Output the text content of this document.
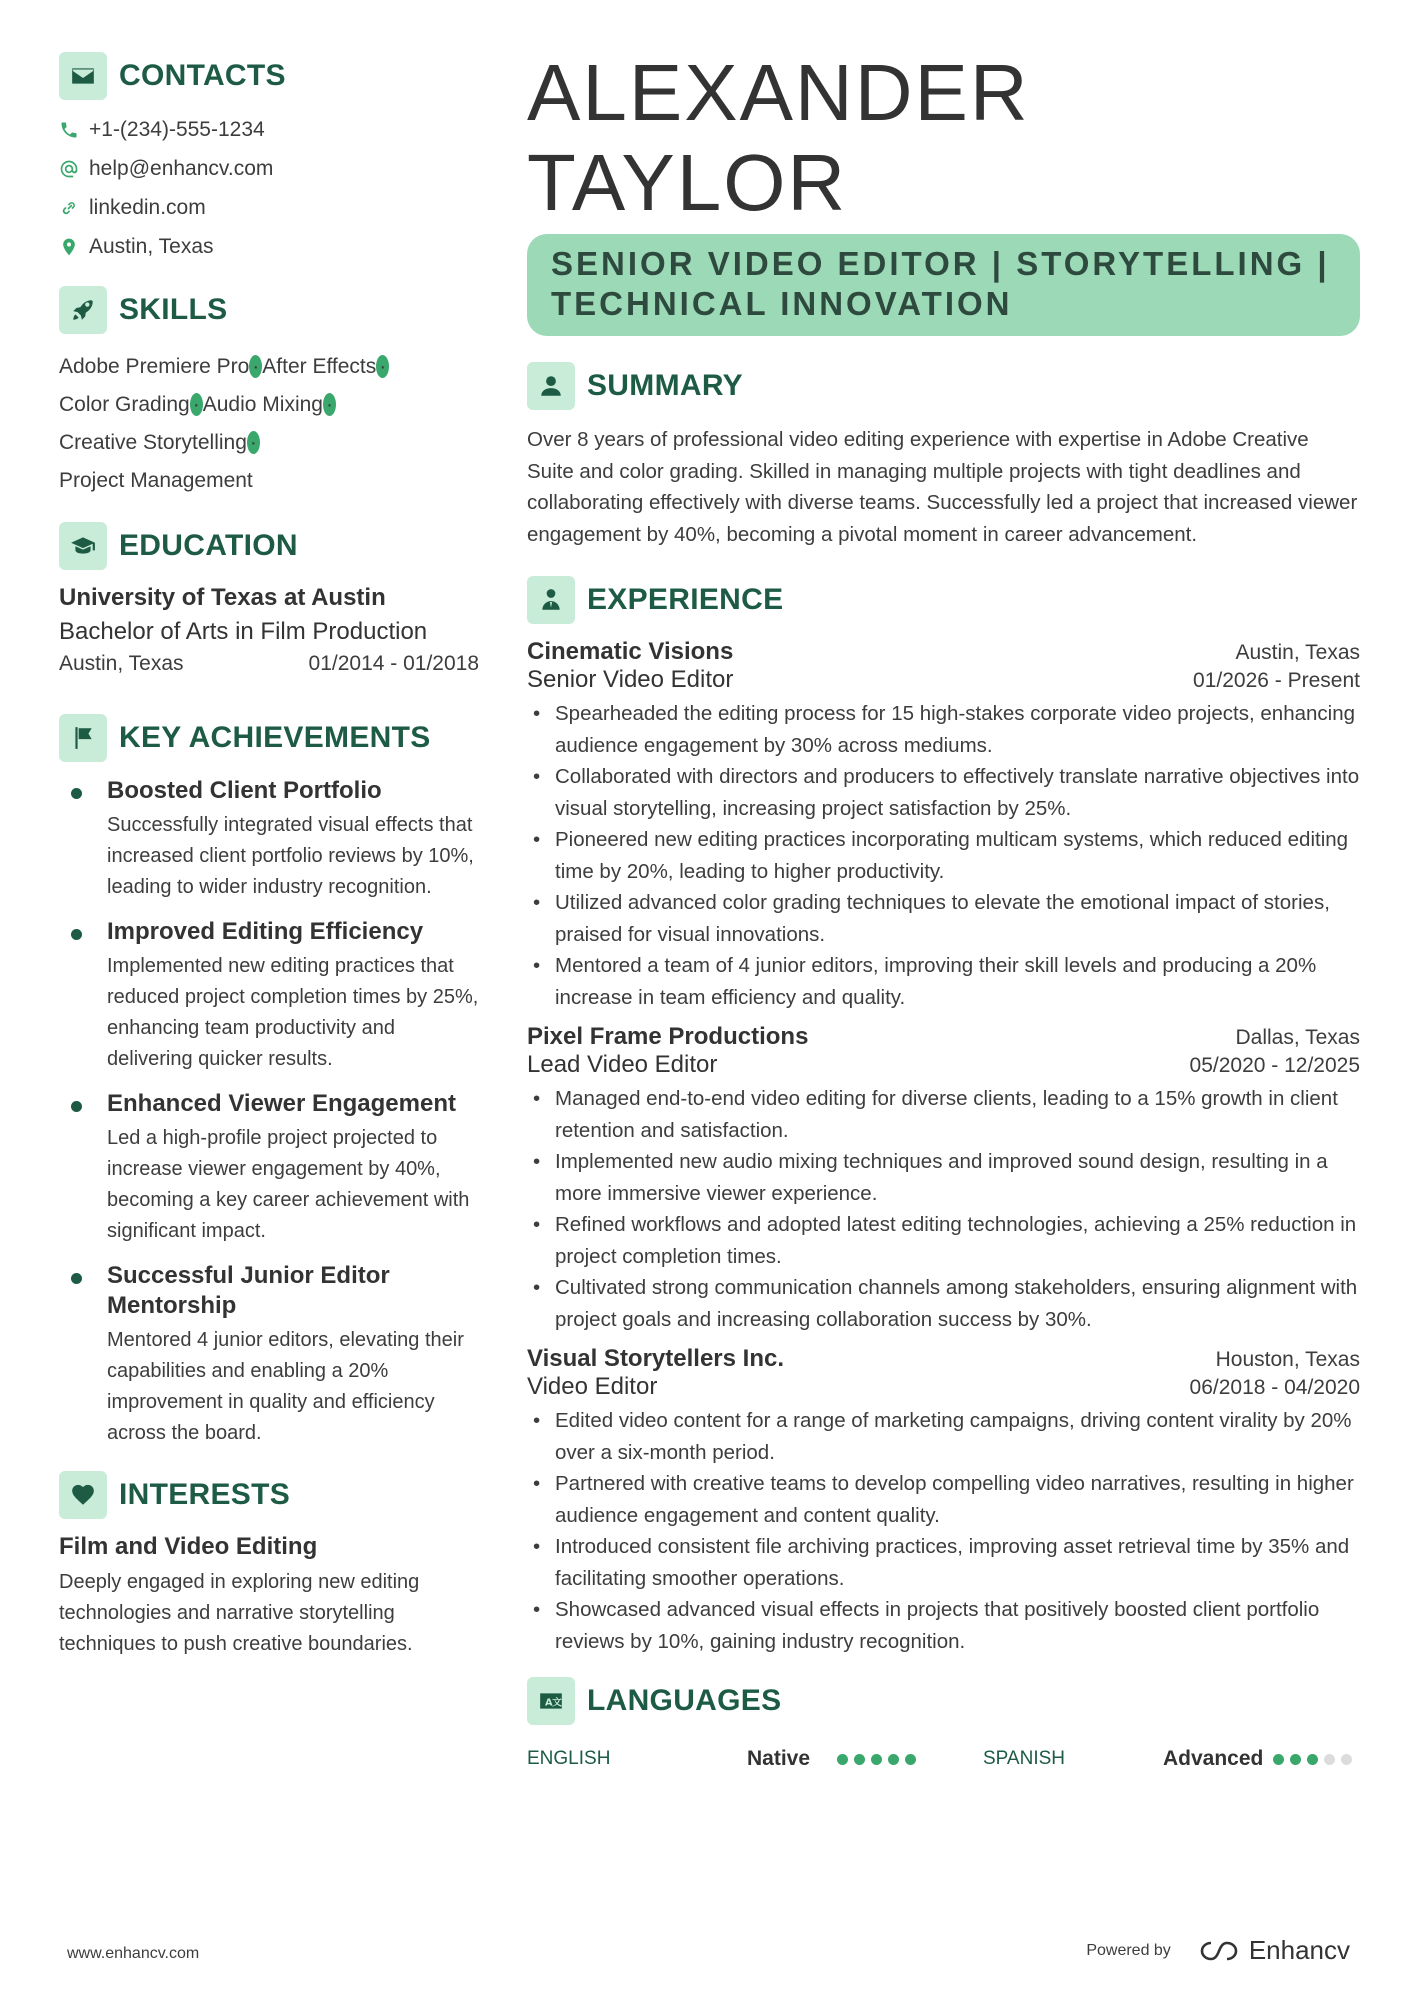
CONTACTS
+1-(234)-555-1234
help@enhancv.com
linkedin.com
Austin, Texas
SKILLS
Adobe Premiere Pro · After Effects ·
Color Grading · Audio Mixing ·
Creative Storytelling ·
Project Management
EDUCATION
University of Texas at Austin
Bachelor of Arts in Film Production
Austin, Texas	01/2014 - 01/2018
KEY ACHIEVEMENTS
Boosted Client Portfolio
Successfully integrated visual effects that increased client portfolio reviews by 10%, leading to wider industry recognition.
Improved Editing Efficiency
Implemented new editing practices that reduced project completion times by 25%, enhancing team productivity and delivering quicker results.
Enhanced Viewer Engagement
Led a high-profile project projected to increase viewer engagement by 40%, becoming a key career achievement with significant impact.
Successful Junior Editor Mentorship
Mentored 4 junior editors, elevating their capabilities and enabling a 20% improvement in quality and efficiency across the board.
INTERESTS
Film and Video Editing
Deeply engaged in exploring new editing technologies and narrative storytelling techniques to push creative boundaries.
ALEXANDER TAYLOR
SENIOR VIDEO EDITOR | STORYTELLING |
TECHNICAL INNOVATION
SUMMARY
Over 8 years of professional video editing experience with expertise in Adobe Creative Suite and color grading. Skilled in managing multiple projects with tight deadlines and collaborating effectively with diverse teams. Successfully led a project that increased viewer engagement by 40%, becoming a pivotal moment in career advancement.
EXPERIENCE
Cinematic Visions	Austin, Texas
Senior Video Editor	01/2026 - Present
• Spearheaded the editing process for 15 high-stakes corporate video projects, enhancing audience engagement by 30% across mediums.
• Collaborated with directors and producers to effectively translate narrative objectives into visual storytelling, increasing project satisfaction by 25%.
• Pioneered new editing practices incorporating multicam systems, which reduced editing time by 20%, leading to higher productivity.
• Utilized advanced color grading techniques to elevate the emotional impact of stories, praised for visual innovations.
• Mentored a team of 4 junior editors, improving their skill levels and producing a 20% increase in team efficiency and quality.
Pixel Frame Productions	Dallas, Texas
Lead Video Editor	05/2020 - 12/2025
• Managed end-to-end video editing for diverse clients, leading to a 15% growth in client retention and satisfaction.
• Implemented new audio mixing techniques and improved sound design, resulting in a more immersive viewer experience.
• Refined workflows and adopted latest editing technologies, achieving a 25% reduction in project completion times.
• Cultivated strong communication channels among stakeholders, ensuring alignment with project goals and increasing collaboration success by 30%.
Visual Storytellers Inc.	Houston, Texas
Video Editor	06/2018 - 04/2020
• Edited video content for a range of marketing campaigns, driving content virality by 20% over a six-month period.
• Partnered with creative teams to develop compelling video narratives, resulting in higher audience engagement and content quality.
• Introduced consistent file archiving practices, improving asset retrieval time by 35% and facilitating smoother operations.
• Showcased advanced visual effects in projects that positively boosted client portfolio reviews by 10%, gaining industry recognition.
A 文 LANGUAGES
ENGLISH	Native	SPANISH	Advanced
www.enhancv.com	Powered by	Enhancv
